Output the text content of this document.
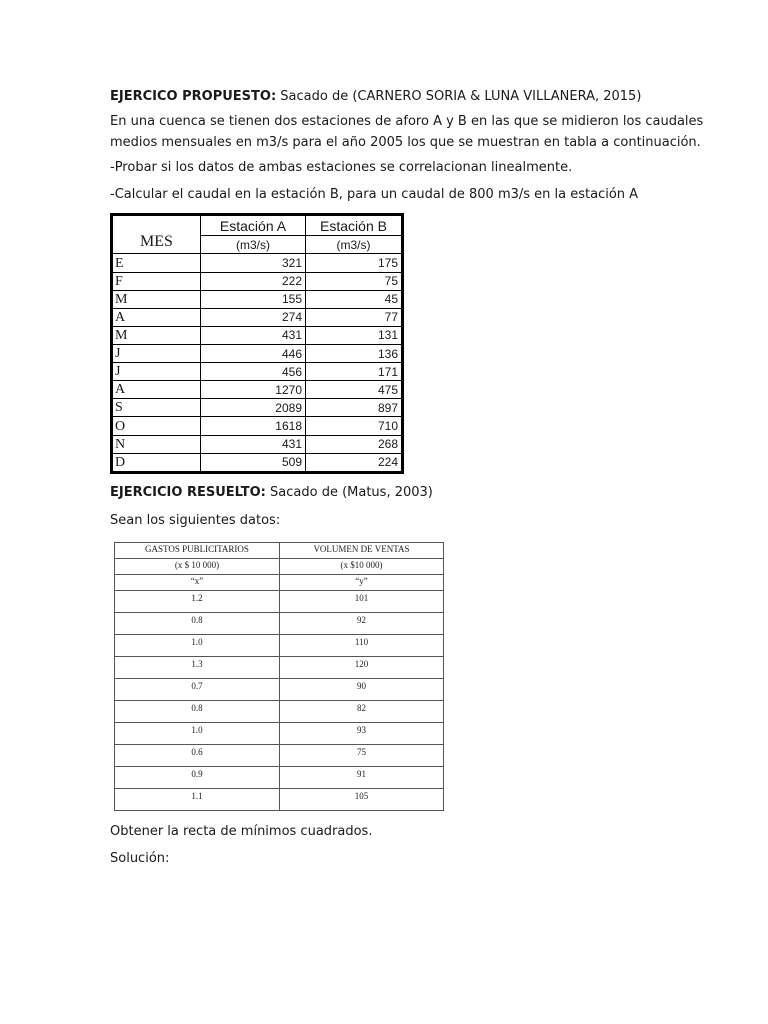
EJERCICO PROPUESTO: Sacado de (CARNERO SORIA & LUNA VILLANERA, 2015)
En una cuenca se tienen dos estaciones de aforo A y B en las que se midieron los caudales
medios mensuales en m3/s para el año 2005 los que se muestran en tabla a continuación.
-Probar si los datos de ambas estaciones se correlacionan linealmente.
-Calcular el caudal en la estación B, para un caudal de 800 m3/s en la estación A
MES	Estación A	Estación B
	(m3/s)	(m3/s)
E	321	175
F	222	75
M	155	45
A	274	77
M	431	131
J	446	136
J	456	171
A	1270	475
S	2089	897
O	1618	710
N	431	268
D	509	224
EJERCICIO RESUELTO: Sacado de (Matus, 2003)
Sean los siguientes datos:
GASTOS PUBLICITARIOS	VOLUMEN DE VENTAS
(x $ 10 000)	(x $10 000)
“x”	“y”
1.2	101
0.8	92
1.0	110
1.3	120
0.7	90
0.8	82
1.0	93
0.6	75
0.9	91
1.1	105
Obtener la recta de mínimos cuadrados.
Solución:
